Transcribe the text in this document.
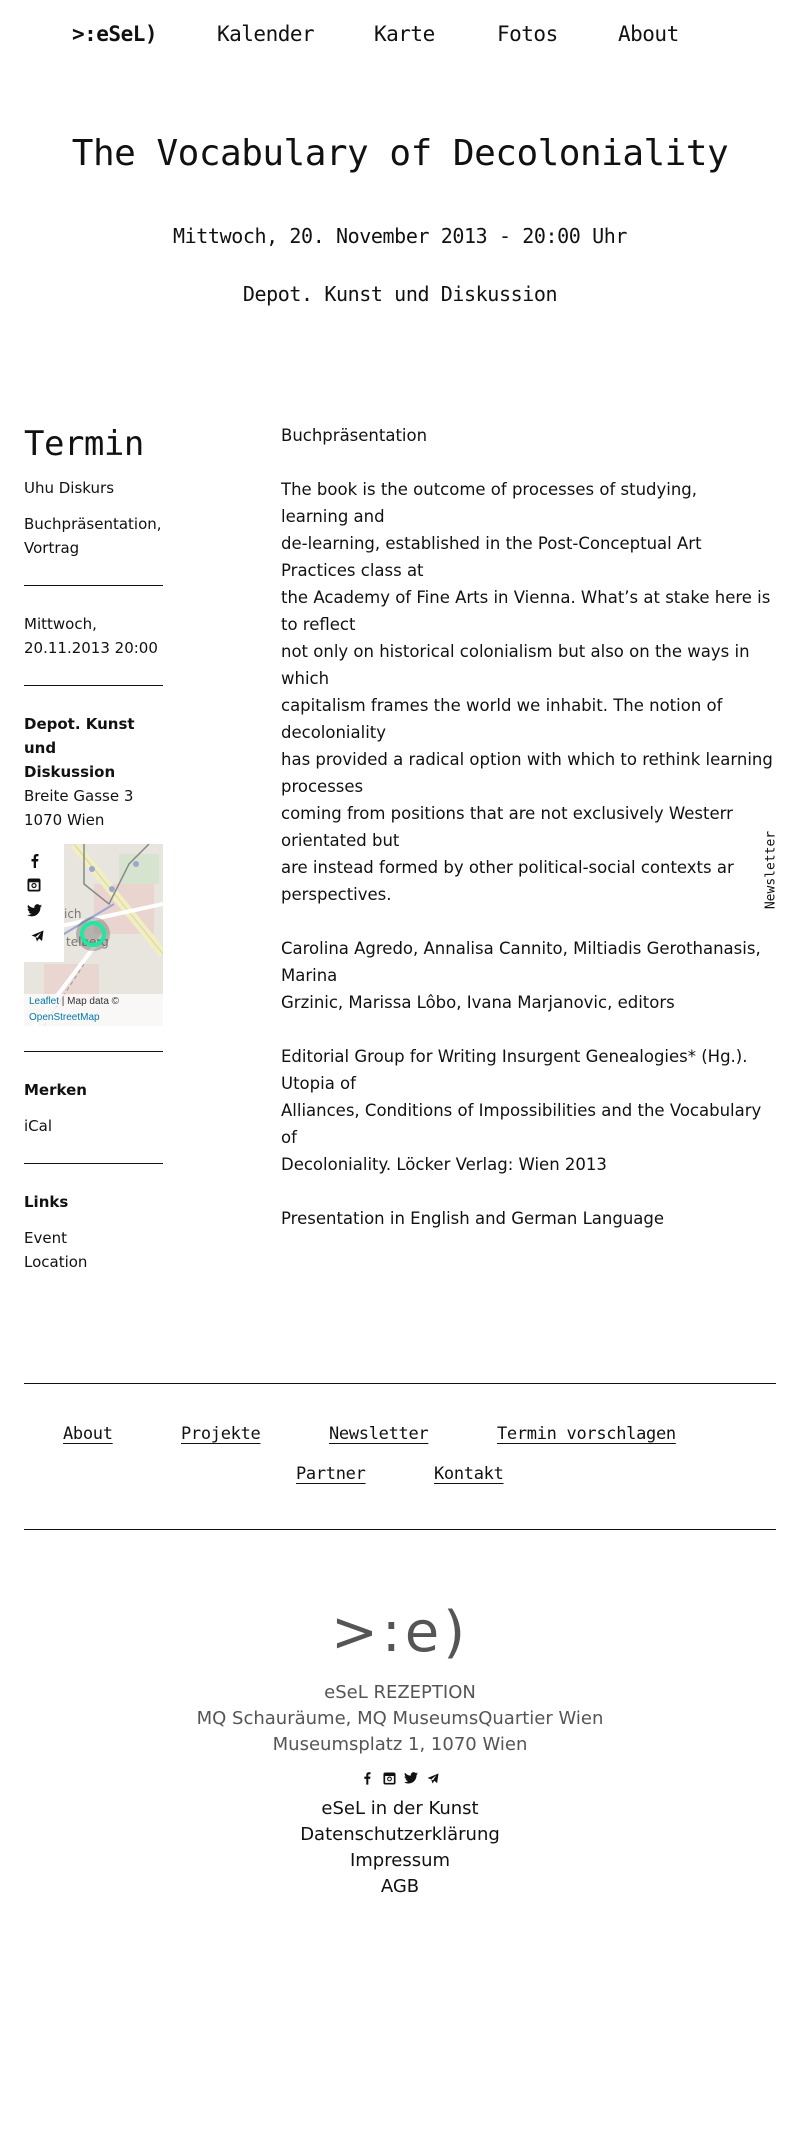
>:eSeL)	Kalender	Karte	Fotos	About
The Vocabulary of Decoloniality
Mittwoch, 20. November 2013 - 20:00 Uhr
Depot. Kunst und Diskussion
Termin

Uhu Diskurs

Buchpräsentation,

Vortrag

Mittwoch,

20.11.2013 20:00

Depot. Kunst und

Diskussion

Breite Gasse 3

1070 Wien

ich
telberg
Leaflet | Map data ©
OpenStreetMap

Merken

iCal

Links

Event
Location

Buchpräsentation

The book is the outcome of processes of studying,

learning and

de-learning, established in the Post-Conceptual Art

Practices class at

the Academy of Fine Arts in Vienna. What’s at stake here is

to reflect

not only on historical colonialism but also on the ways in

which

capitalism frames the world we inhabit. The notion of

decoloniality

has provided a radical option with which to rethink learning

processes

coming from positions that are not exclusively Westerr

orientated but

are instead formed by other political-social contexts ar

perspectives.

Carolina Agredo, Annalisa Cannito, Miltiadis Gerothanasis,

Marina

Grzinic, Marissa Lôbo, Ivana Marjanovic, editors

Editorial Group for Writing Insurgent Genealogies* (Hg.).

Utopia of

Alliances, Conditions of Impossibilities and the Vocabulary

of

Decoloniality. Löcker Verlag: Wien 2013

Presentation in English and German Language

Newsletter
About	Projekte	Newsletter	Termin vorschlagen
Partner	Kontakt
>:e)
eSeL REZEPTION
MQ Schauräume, MQ MuseumsQuartier Wien
Museumsplatz 1, 1070 Wien
eSeL in der Kunst
Datenschutzerklärung
Impressum
AGB
